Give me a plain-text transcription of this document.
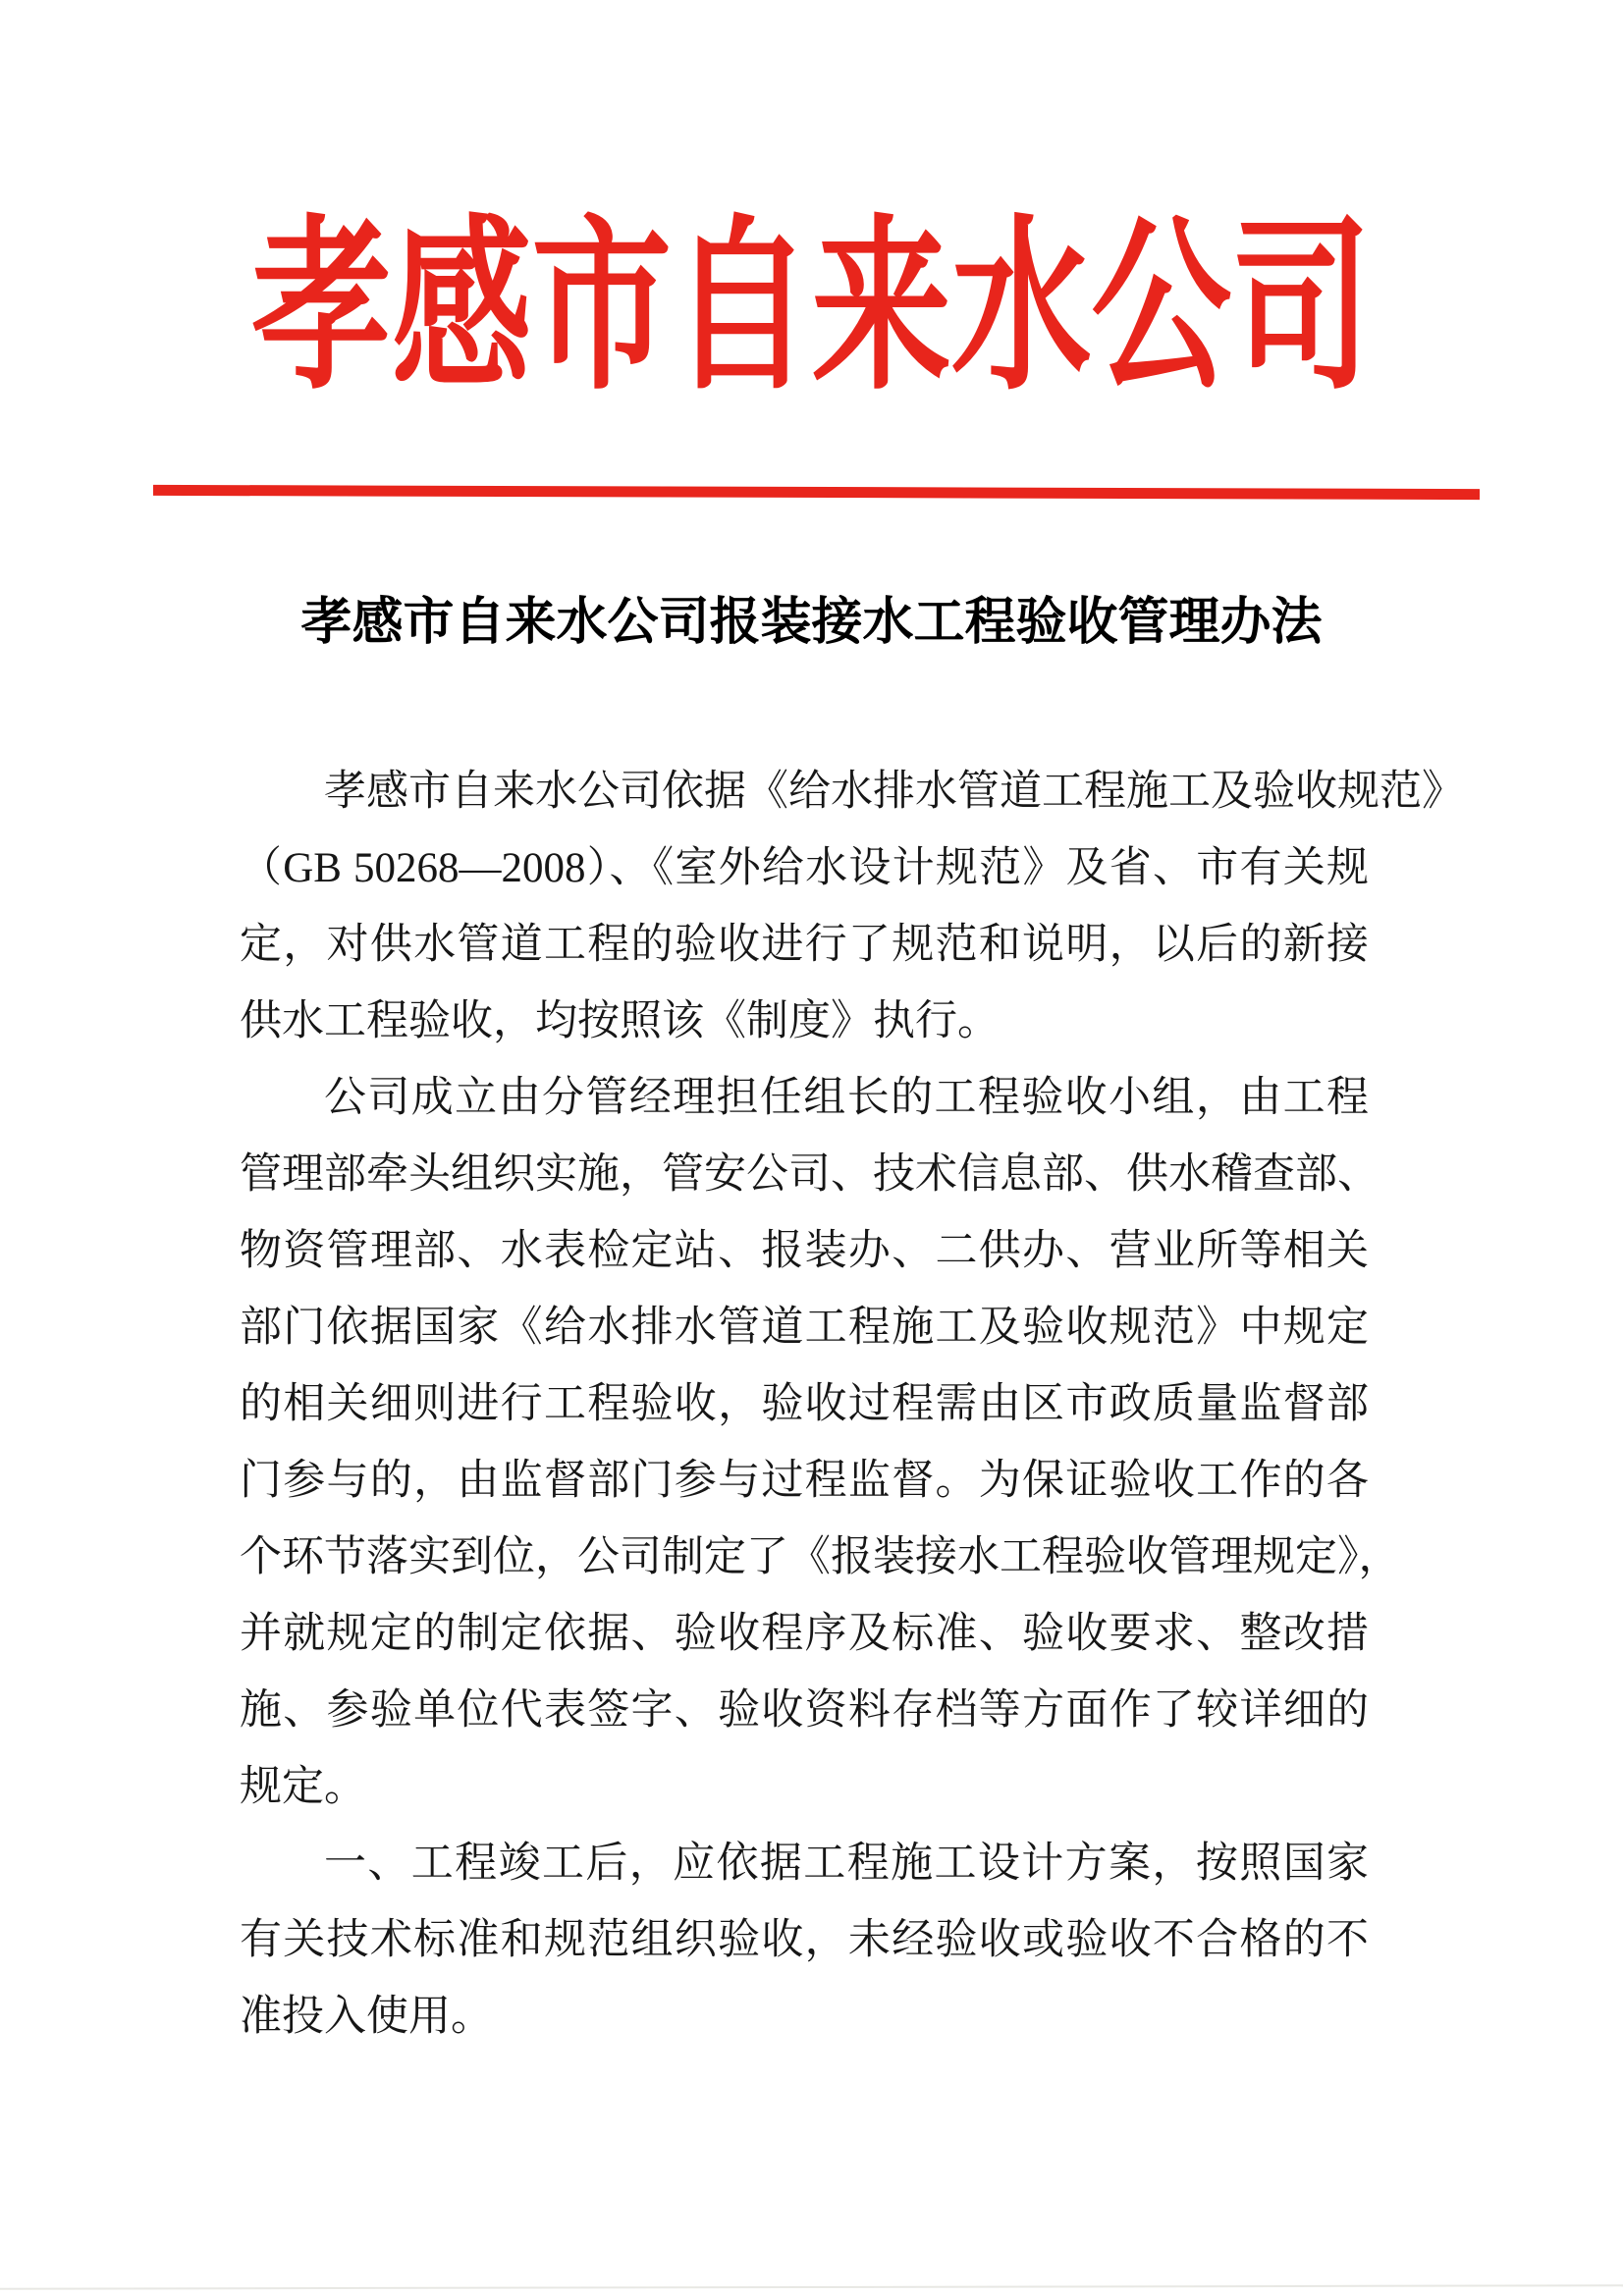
孝感市自来水公司
孝感市自来水公司报装接水工程验收管理办法
孝感市自来水公司依据《给水排水管道工程施工及验收规范》
（GB 50268—2008）、《室外给水设计规范》及省、市有关规
定，对供水管道工程的验收进行了规范和说明，以后的新接
供水工程验收，均按照该《制度》执行。
公司成立由分管经理担任组长的工程验收小组，由工程
管理部牵头组织实施，管安公司、技术信息部、供水稽查部、
物资管理部、水表检定站、报装办、二供办、营业所等相关
部门依据国家《给水排水管道工程施工及验收规范》中规定
的相关细则进行工程验收，验收过程需由区市政质量监督部
门参与的，由监督部门参与过程监督。为保证验收工作的各
个环节落实到位，公司制定了《报装接水工程验收管理规定》，
并就规定的制定依据、验收程序及标准、验收要求、整改措
施、参验单位代表签字、验收资料存档等方面作了较详细的
规定。
一、工程竣工后，应依据工程施工设计方案，按照国家
有关技术标准和规范组织验收，未经验收或验收不合格的不
准投入使用。
